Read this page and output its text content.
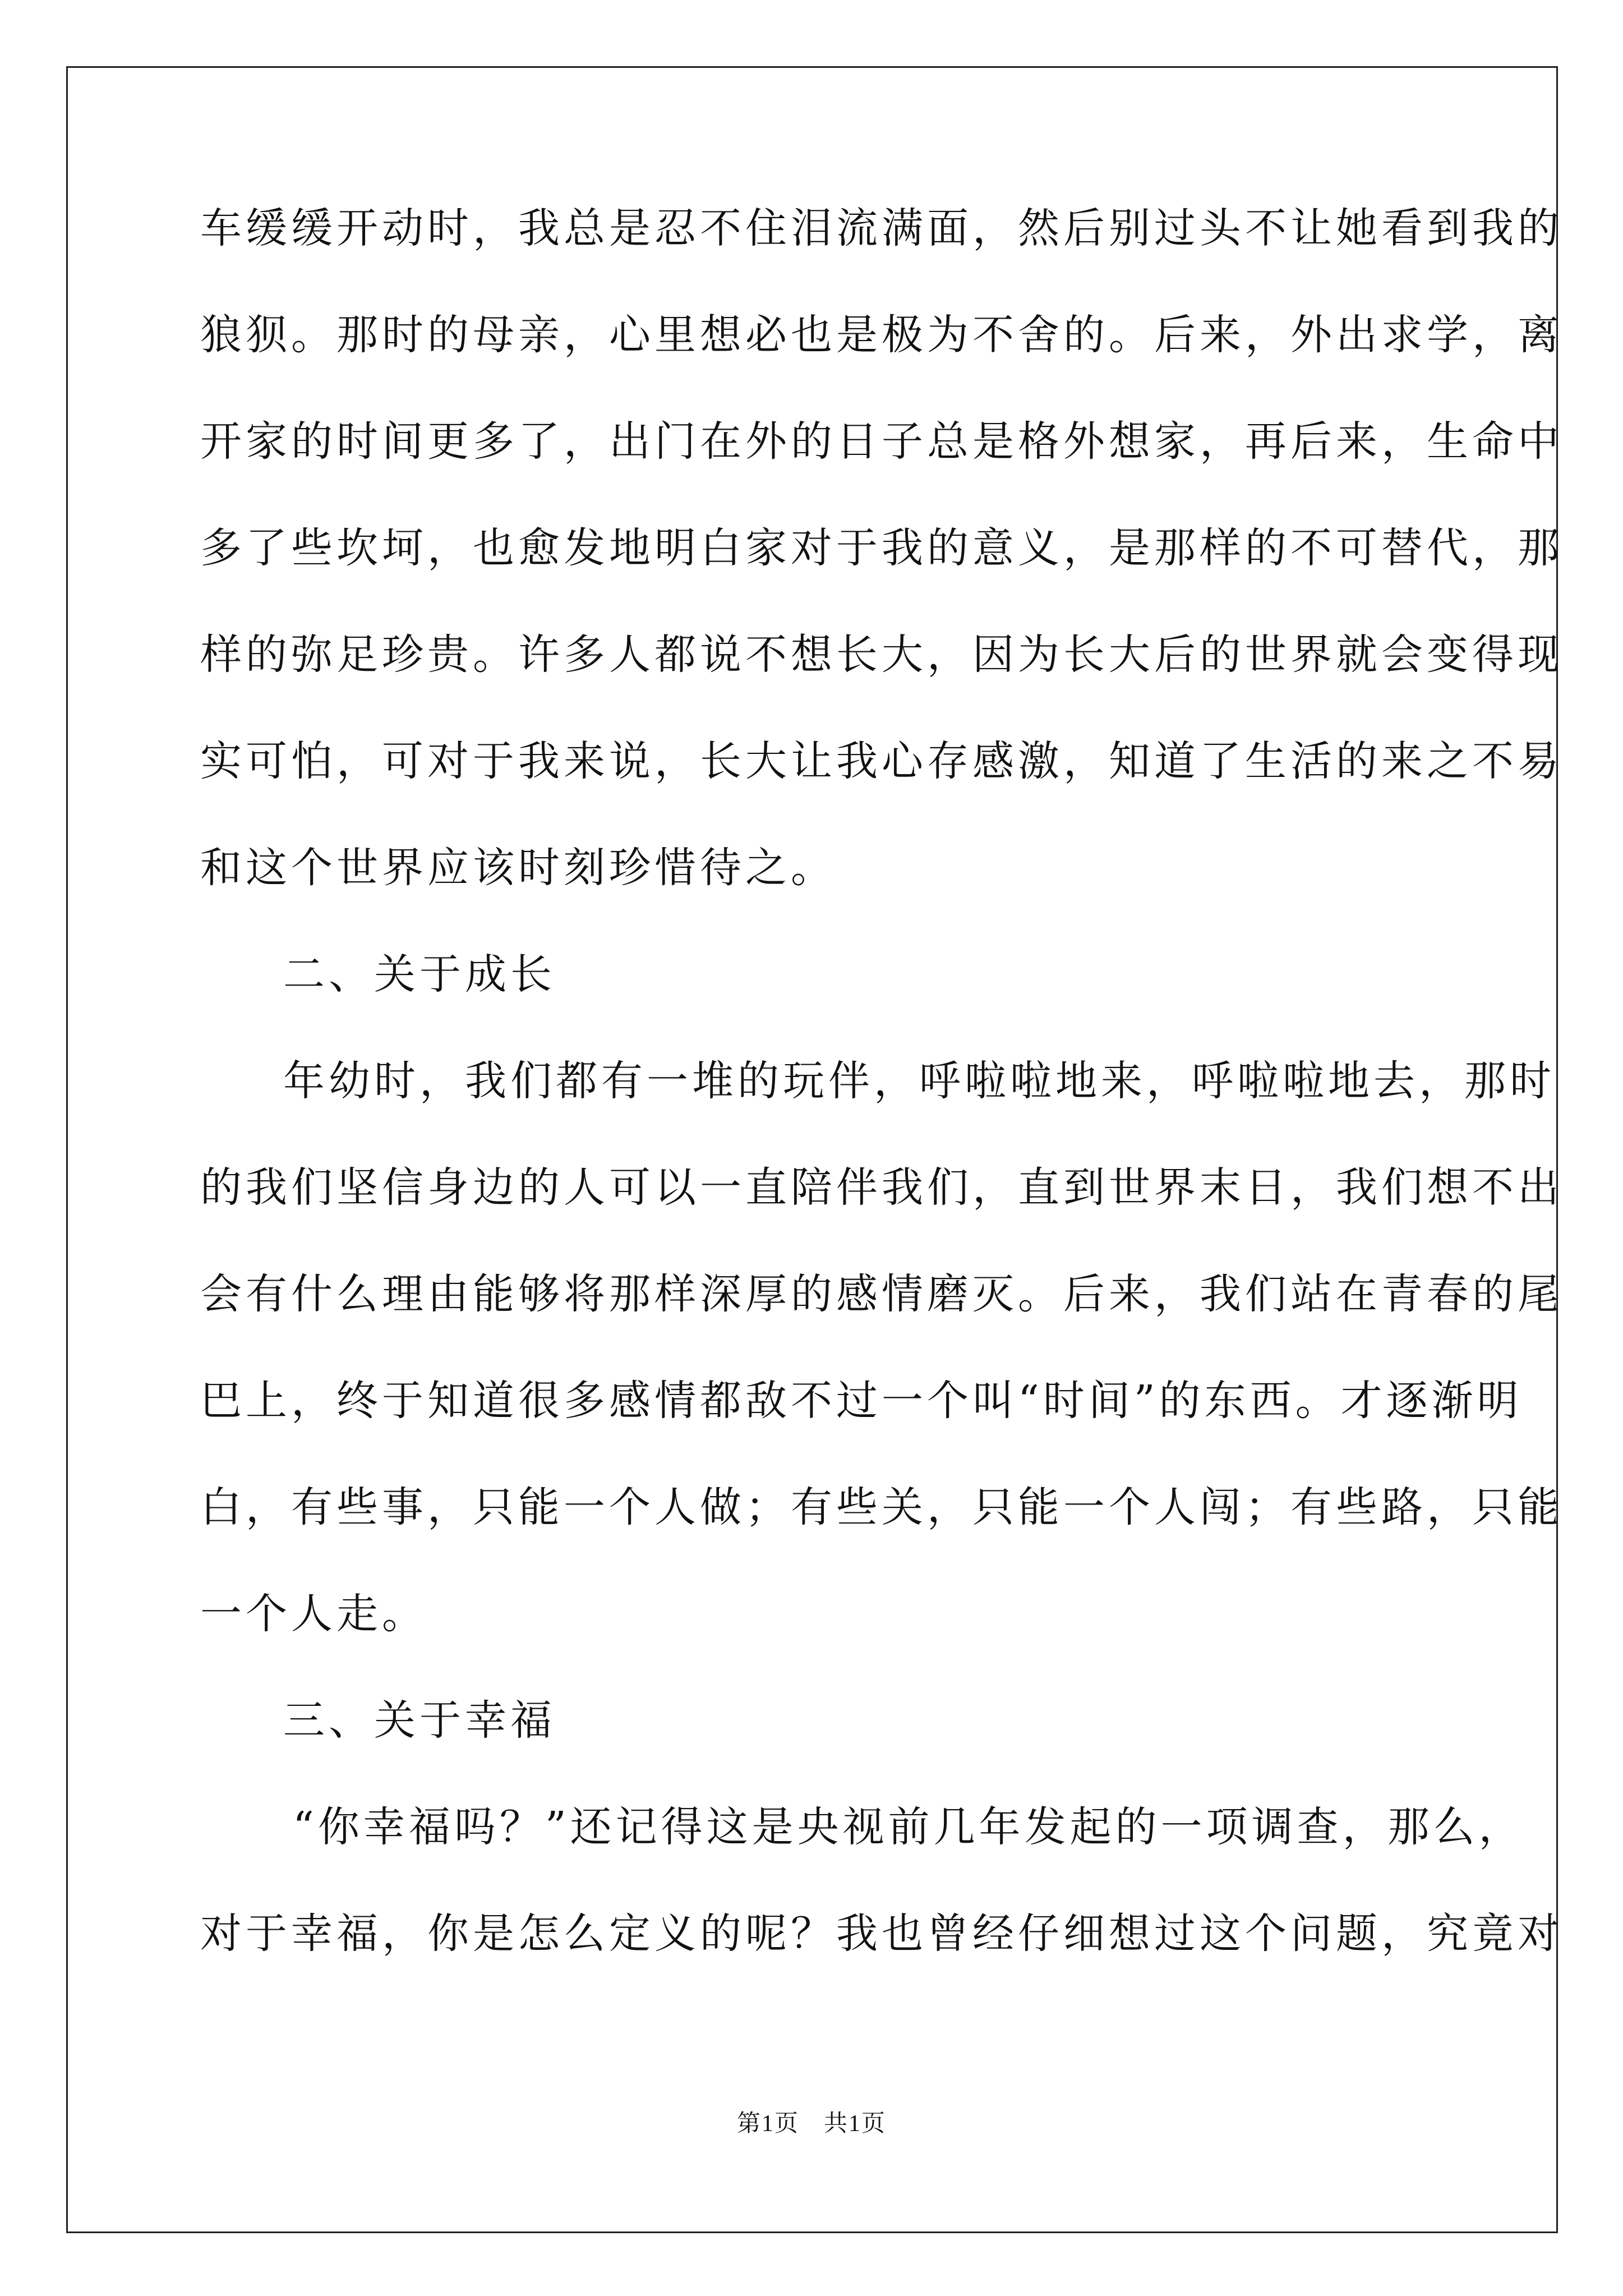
车缓缓开动时，我总是忍不住泪流满面，然后别过头不让她看到我的
狼狈。那时的母亲，心里想必也是极为不舍的。后来，外出求学，离
开家的时间更多了，出门在外的日子总是格外想家，再后来，生命中
多了些坎坷，也愈发地明白家对于我的意义，是那样的不可替代，那
样的弥足珍贵。许多人都说不想长大，因为长大后的世界就会变得现
实可怕，可对于我来说，长大让我心存感激，知道了生活的来之不易
和这个世界应该时刻珍惜待之。
二、关于成长
年幼时，我们都有一堆的玩伴，呼啦啦地来，呼啦啦地去，那时
的我们坚信身边的人可以一直陪伴我们，直到世界末日，我们想不出
会有什么理由能够将那样深厚的感情磨灭。后来，我们站在青春的尾
巴上，终于知道很多感情都敌不过一个叫“时间”的东西。才逐渐明
白，有些事，只能一个人做；有些关，只能一个人闯；有些路，只能
一个人走。
三、关于幸福
“你幸福吗？”还记得这是央视前几年发起的一项调查，那么，
对于幸福，你是怎么定义的呢？我也曾经仔细想过这个问题，究竟对
第1页　共1页
